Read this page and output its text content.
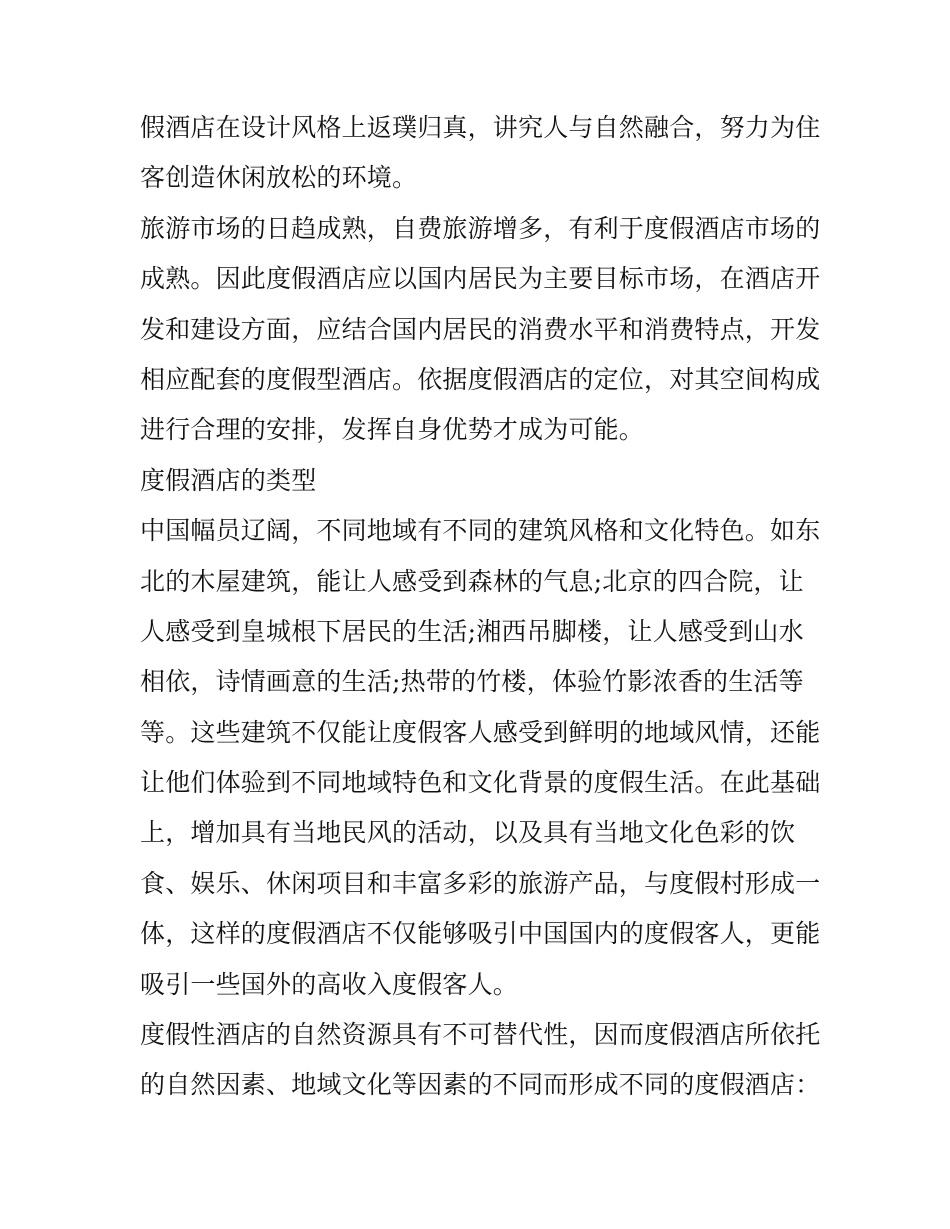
假酒店在设计风格上返璞归真，讲究人与自然融合，努力为住
客创造休闲放松的环境。
旅游市场的日趋成熟，自费旅游增多，有利于度假酒店市场的
成熟。因此度假酒店应以国内居民为主要目标市场，在酒店开
发和建设方面，应结合国内居民的消费水平和消费特点，开发
相应配套的度假型酒店。依据度假酒店的定位，对其空间构成
进行合理的安排，发挥自身优势才成为可能。
度假酒店的类型
中国幅员辽阔，不同地域有不同的建筑风格和文化特色。如东
北的木屋建筑，能让人感受到森林的气息;北京的四合院，让
人感受到皇城根下居民的生活;湘西吊脚楼，让人感受到山水
相依，诗情画意的生活;热带的竹楼，体验竹影浓香的生活等
等。这些建筑不仅能让度假客人感受到鲜明的地域风情，还能
让他们体验到不同地域特色和文化背景的度假生活。在此基础
上，增加具有当地民风的活动，以及具有当地文化色彩的饮
食、娱乐、休闲项目和丰富多彩的旅游产品，与度假村形成一
体，这样的度假酒店不仅能够吸引中国国内的度假客人，更能
吸引一些国外的高收入度假客人。
度假性酒店的自然资源具有不可替代性，因而度假酒店所依托
的自然因素、地域文化等因素的不同而形成不同的度假酒店：
